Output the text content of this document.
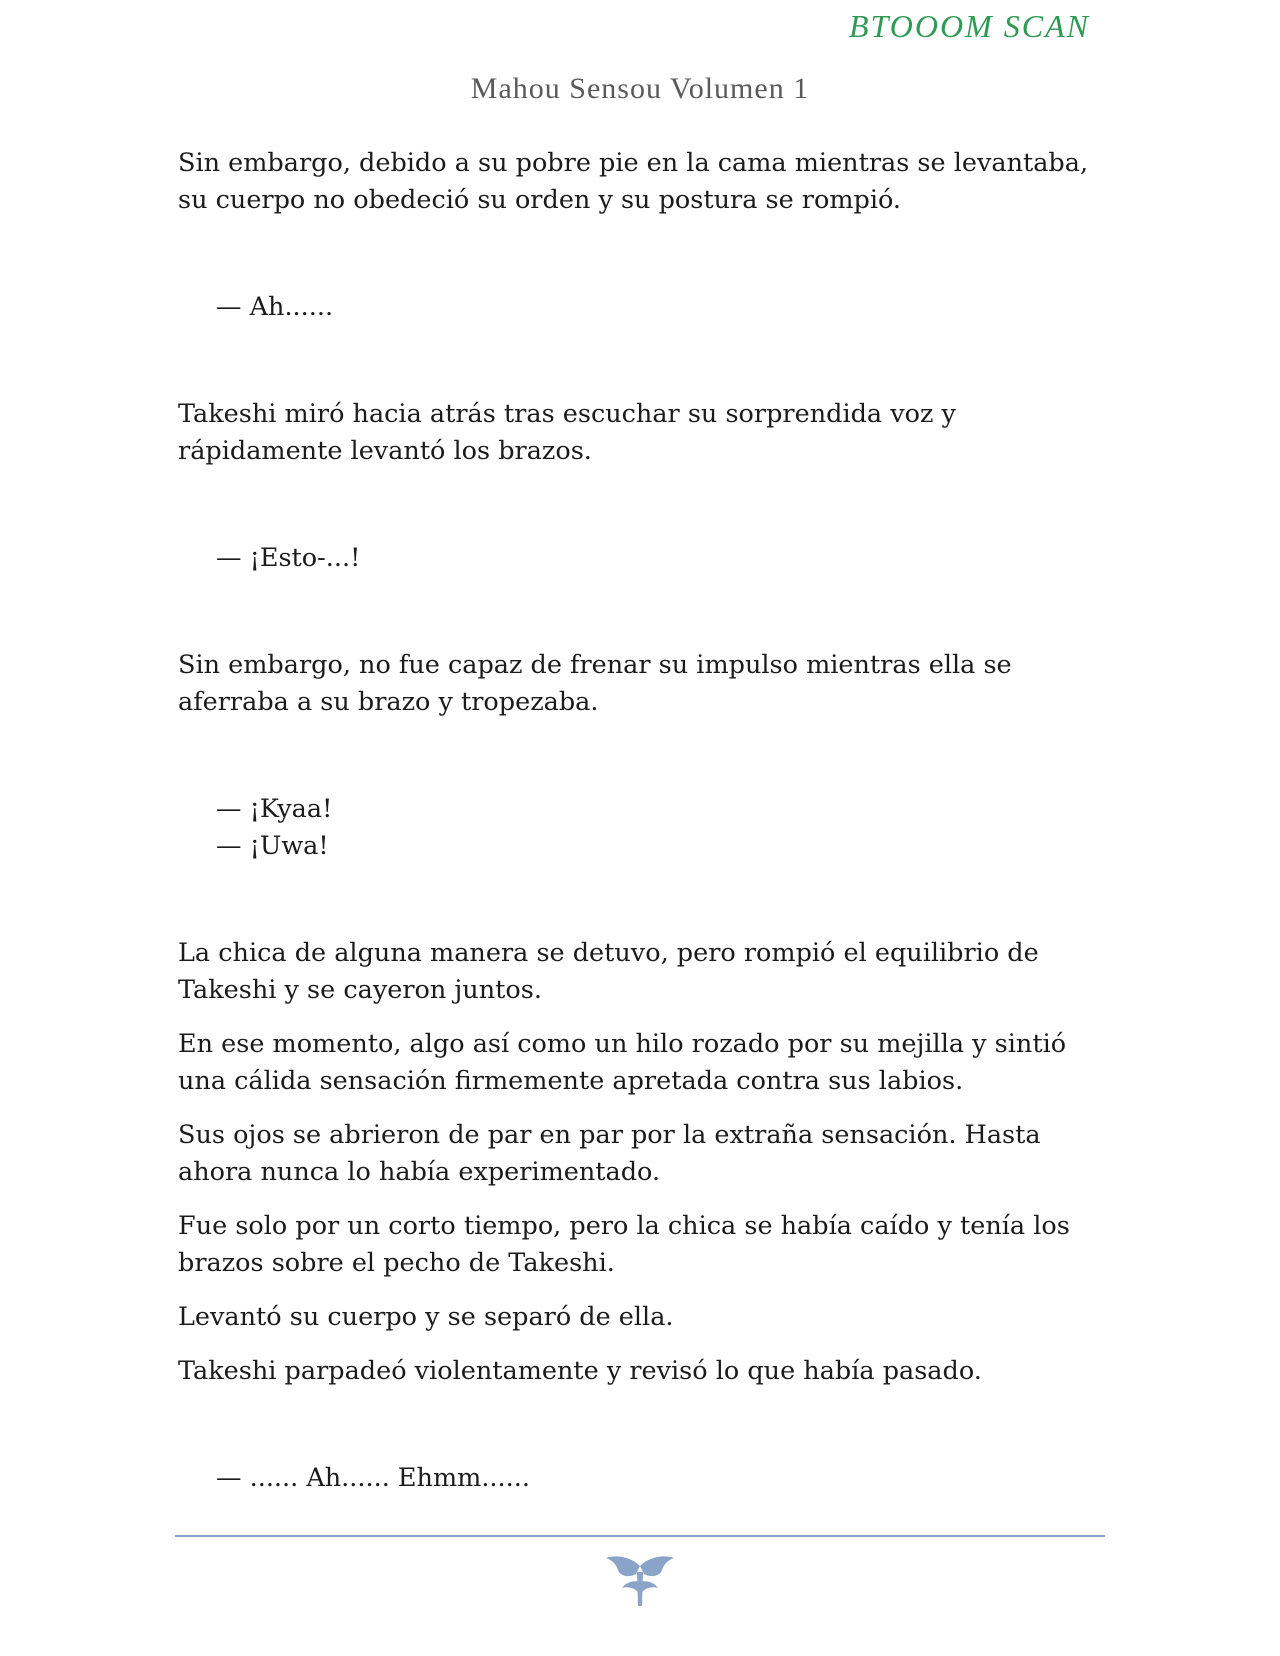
BTOOOM SCAN
Mahou Sensou Volumen 1

Sin embargo, debido a su pobre pie en la cama mientras se levantaba, su cuerpo no obedeció su orden y su postura se rompió.

— Ah......

Takeshi miró hacia atrás tras escuchar su sorprendida voz y rápidamente levantó los brazos.

— ¡Esto-...!

Sin embargo, no fue capaz de frenar su impulso mientras ella se aferraba a su brazo y tropezaba.

— ¡Kyaa!

— ¡Uwa!

La chica de alguna manera se detuvo, pero rompió el equilibrio de Takeshi y se cayeron juntos.

En ese momento, algo así como un hilo rozado por su mejilla y sintió una cálida sensación firmemente apretada contra sus labios.

Sus ojos se abrieron de par en par por la extraña sensación. Hasta ahora nunca lo había experimentado.

Fue solo por un corto tiempo, pero la chica se había caído y tenía los brazos sobre el pecho de Takeshi.

Levantó su cuerpo y se separó de ella.

Takeshi parpadeó violentamente y revisó lo que había pasado.

— ...... Ah...... Ehmm......
